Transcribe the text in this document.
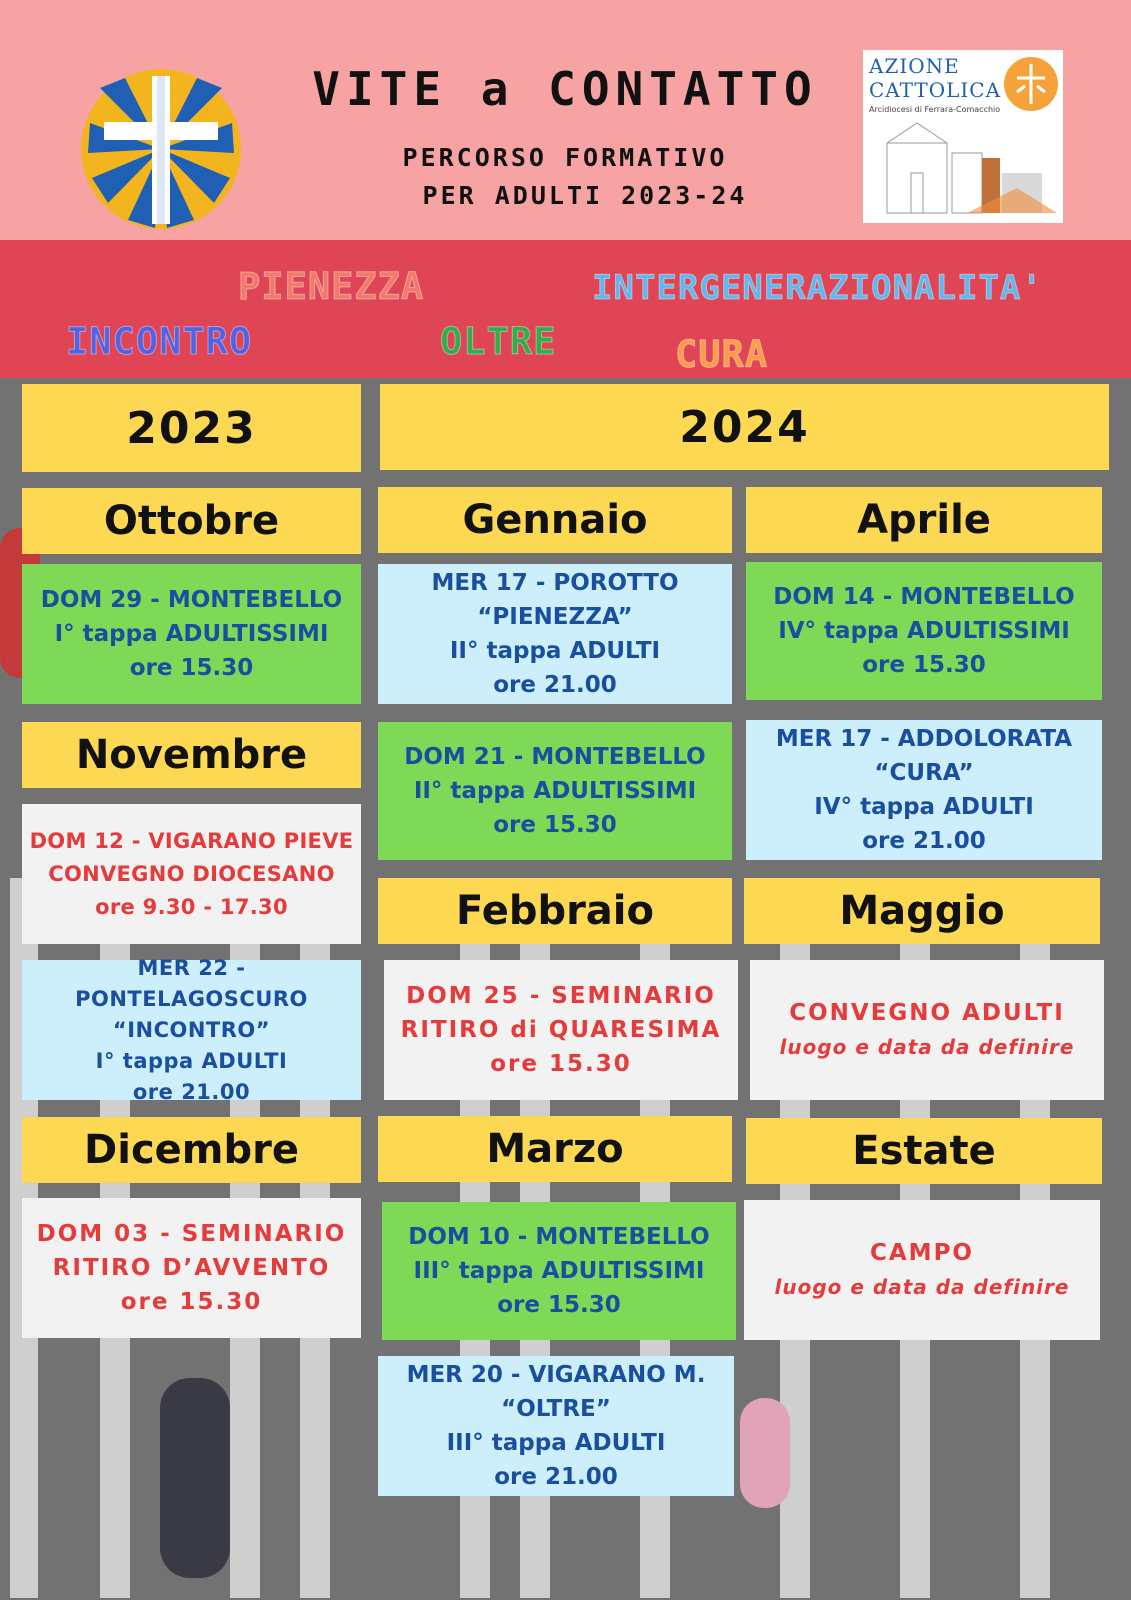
VITE a CONTATTO
PERCORSO FORMATIVO
PER ADULTI 2023-24
AZIONE
CATTOLICA
Arcidiocesi di Ferrara-Comacchio
PIENEZZA	INTERGENERAZIONALITA'
INCONTRO	OLTRE	CURA
2023	2024
Ottobre
DOM 29 - MONTEBELLO
I° tappa ADULTISSIMI
ore 15.30
Novembre
DOM 12 - VIGARANO PIEVE
CONVEGNO DIOCESANO
ore 9.30 - 17.30
MER 22 - PONTELAGOSCURO
“INCONTRO”
I° tappa ADULTI
ore 21.00
Dicembre
DOM 03 - SEMINARIO
RITIRO D’AVVENTO
ore 15.30
Gennaio
MER 17 - POROTTO
“PIENEZZA”
II° tappa ADULTI
ore 21.00
DOM 21 - MONTEBELLO
II° tappa ADULTISSIMI
ore 15.30
Febbraio
DOM 25 - SEMINARIO
RITIRO di QUARESIMA
ore 15.30
Marzo
DOM 10 - MONTEBELLO
III° tappa ADULTISSIMI
ore 15.30
MER 20 - VIGARANO M.
“OLTRE”
III° tappa ADULTI
ore 21.00
Aprile
DOM 14 - MONTEBELLO
IV° tappa ADULTISSIMI
ore 15.30
MER 17 - ADDOLORATA
“CURA”
IV° tappa ADULTI
ore 21.00
Maggio
CONVEGNO ADULTI
luogo e data da definire
Estate
CAMPO
luogo e data da definire
